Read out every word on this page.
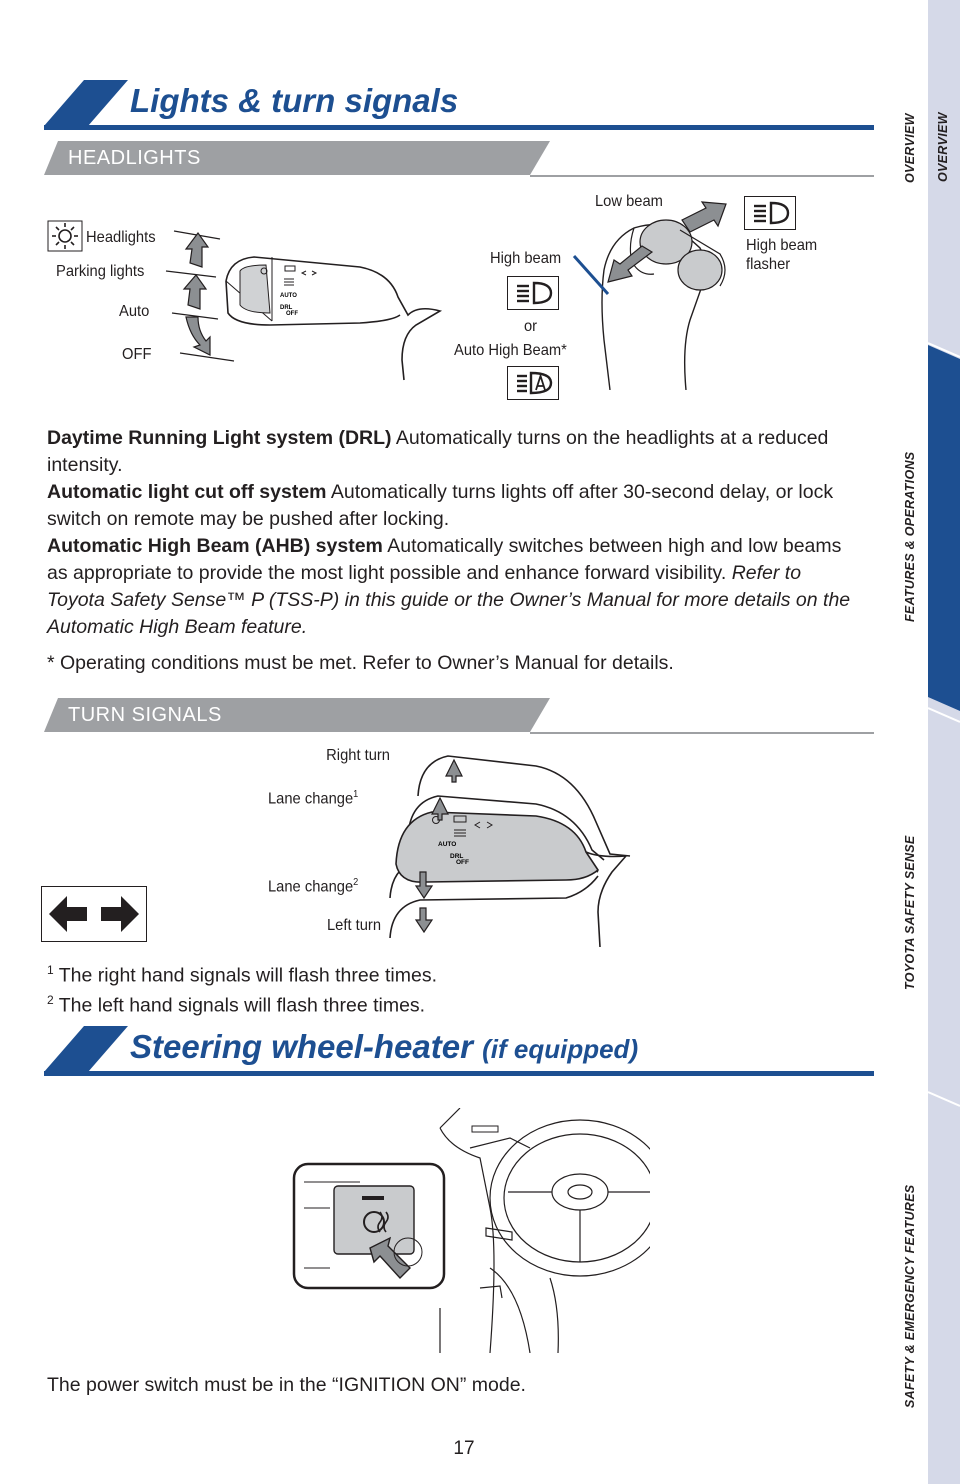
Lights & turn signals
HEADLIGHTS
AUTO
DRL
OFF
Headlights
Parking lights
Auto
OFF
Low beam
High beam
High beam flasher
or
Auto High Beam*

Daytime Running Light system (DRL) Automatically turns on the headlights at a reduced intensity.

Automatic light cut off system Automatically turns lights off after 30-second delay, or lock switch on remote may be pushed after locking.

Automatic High Beam (AHB) system Automatically switches between high and low beams as appropriate to provide the most light possible and enhance forward visibility. Refer to Toyota Safety Sense™ P (TSS-P) in this guide or the Owner’s Manual for more details on the Automatic High Beam feature.

* Operating conditions must be met. Refer to Owner’s Manual for details.
TURN SIGNALS
AUTO
DRL
OFF
Right turn
Lane change$^1$
Lane change$^2$
Left turn

$^1$ The right hand signals will flash three times.

$^2$ The left hand signals will flash three times.

Steering wheel-heater (if equipped)
The power switch must be in the “IGNITION ON” mode.
OVERVIEW
OVERVIEW
FEATURES & OPERATIONS
TOYOTA SAFETY SENSE
SAFETY & EMERGENCY FEATURES
17
